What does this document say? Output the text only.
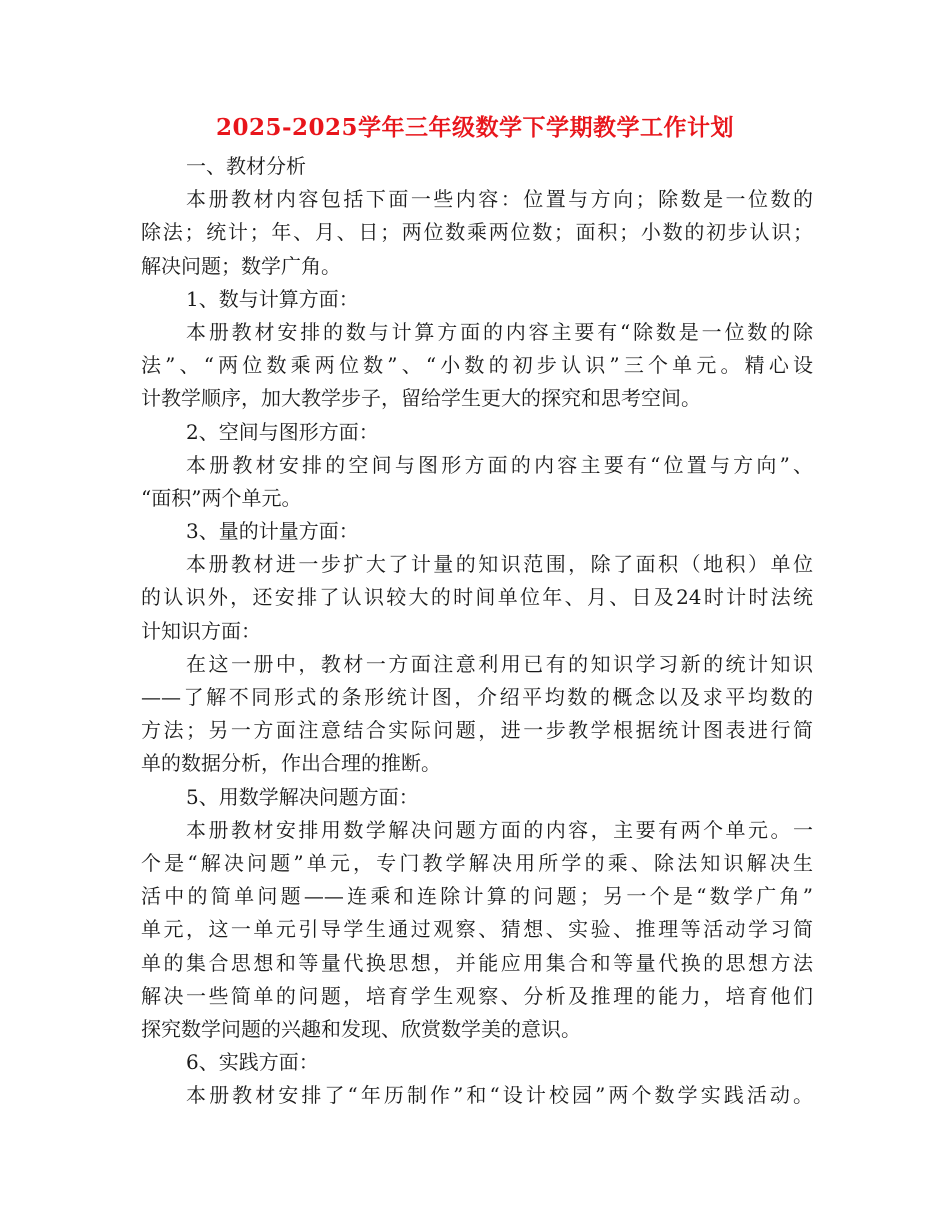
2025-2025学年三年级数学下学期教学工作计划
一、教材分析
本册教材内容包括下面一些内容：位置与方向；除数是一位数的
除法；统计；年、月、日；两位数乘两位数；面积；小数的初步认识；
解决问题；数学广角。
1、数与计算方面：
本册教材安排的数与计算方面的内容主要有“除数是一位数的除
法”、“两位数乘两位数”、“小数的初步认识”三个单元。精心设
计教学顺序，加大教学步子，留给学生更大的探究和思考空间。
2、空间与图形方面：
本册教材安排的空间与图形方面的内容主要有“位置与方向”、
“面积”两个单元。
3、量的计量方面：
本册教材进一步扩大了计量的知识范围，除了面积（地积）单位
的认识外，还安排了认识较大的时间单位年、月、日及24时计时法统
计知识方面：
在这一册中，教材一方面注意利用已有的知识学习新的统计知识
——了解不同形式的条形统计图，介绍平均数的概念以及求平均数的
方法；另一方面注意结合实际问题，进一步教学根据统计图表进行简
单的数据分析，作出合理的推断。
5、用数学解决问题方面：
本册教材安排用数学解决问题方面的内容，主要有两个单元。一
个是“解决问题”单元，专门教学解决用所学的乘、除法知识解决生
活中的简单问题——连乘和连除计算的问题；另一个是“数学广角”
单元，这一单元引导学生通过观察、猜想、实验、推理等活动学习简
单的集合思想和等量代换思想，并能应用集合和等量代换的思想方法
解决一些简单的问题，培育学生观察、分析及推理的能力，培育他们
探究数学问题的兴趣和发现、欣赏数学美的意识。
6、实践方面：
本册教材安排了“年历制作”和“设计校园”两个数学实践活动。
